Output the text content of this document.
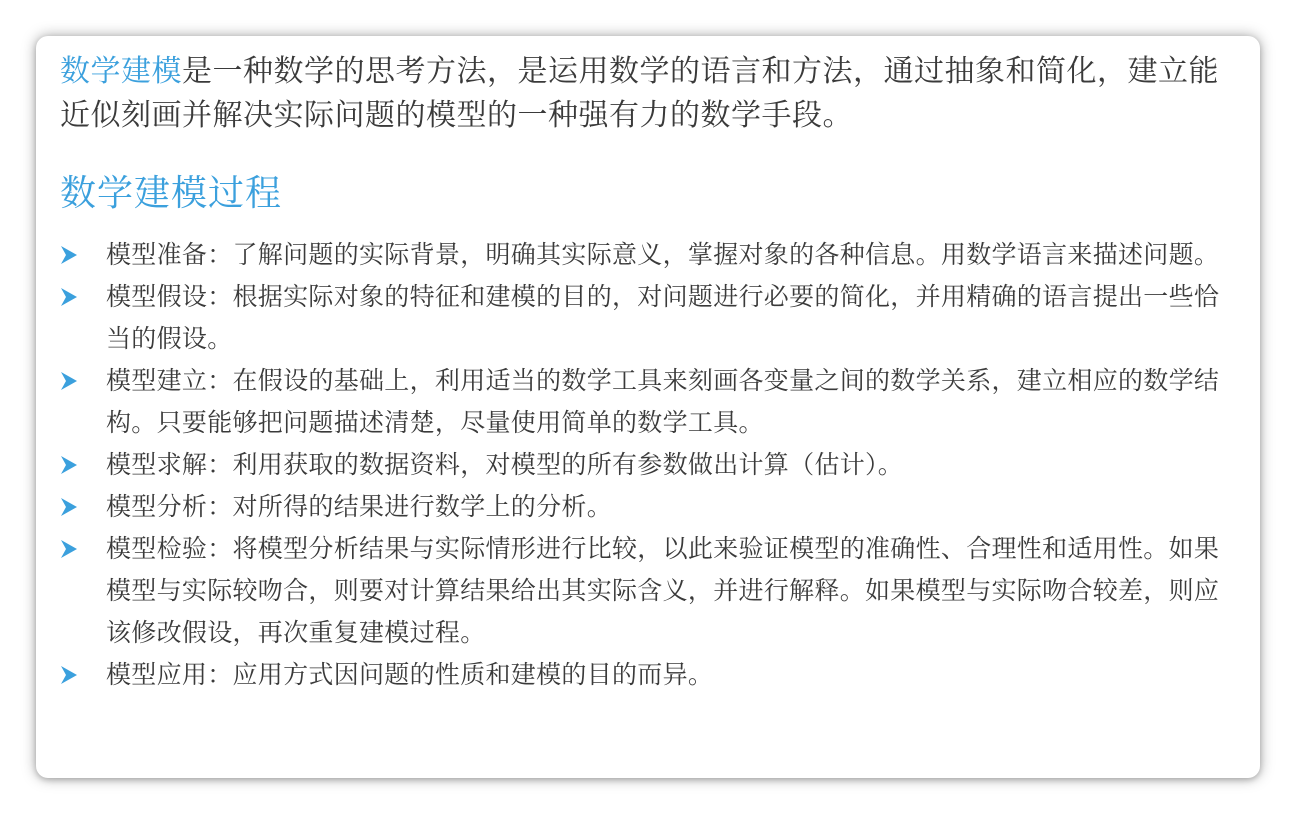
数学建模是一种数学的思考方法，是运用数学的语言和方法，通过抽象和简化，建立能近似刻画并解决实际问题的模型的一种强有力的数学手段。

数学建模过程
模型准备：了解问题的实际背景，明确其实际意义，掌握对象的各种信息。用数学语言来描述问题。
模型假设：根据实际对象的特征和建模的目的，对问题进行必要的简化，并用精确的语言提出一些恰当的假设。
模型建立：在假设的基础上，利用适当的数学工具来刻画各变量之间的数学关系，建立相应的数学结构。只要能够把问题描述清楚，尽量使用简单的数学工具。
模型求解：利用获取的数据资料，对模型的所有参数做出计算（估计）。
模型分析：对所得的结果进行数学上的分析。
模型检验：将模型分析结果与实际情形进行比较，以此来验证模型的准确性、合理性和适用性。如果模型与实际较吻合，则要对计算结果给出其实际含义，并进行解释。如果模型与实际吻合较差，则应该修改假设，再次重复建模过程。
模型应用：应用方式因问题的性质和建模的目的而异。
